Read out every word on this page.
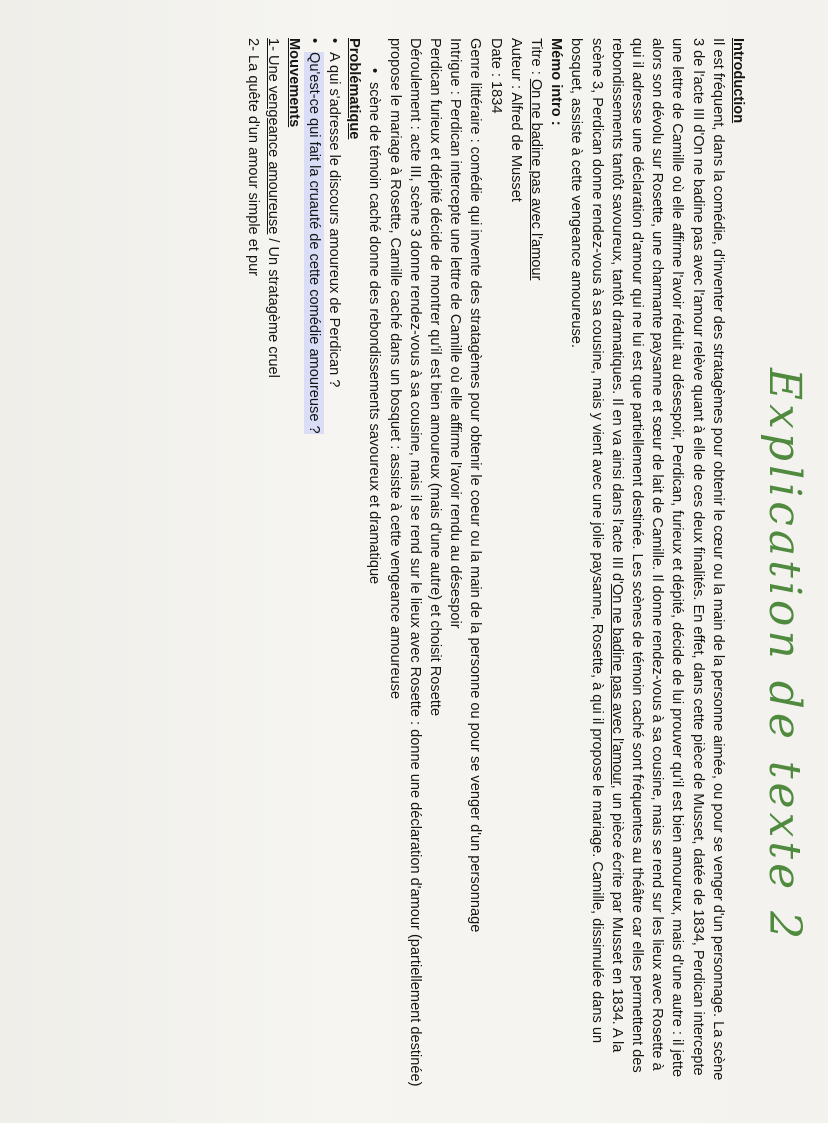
Explication de texte 2

Introduction

Il est fréquent, dans la comédie, d'inventer des stratagèmes pour obtenir le cœur ou la main de la personne aimée, ou pour se venger d'un personnage. La scène 3 de l'acte III d'On ne badine pas avec l'amour relève quant à elle de ces deux finalités. En effet, dans cette pièce de Musset, datée de 1834, Perdican intercepte une lettre de Camille où elle affirme l'avoir réduit au désespoir, Perdican, furieux et dépité, décide de lui prouver qu'il est bien amoureux, mais d'une autre : il jette alors son dévolu sur Rosette, une charmante paysanne et sœur de lait de Camille. Il donne rendez-vous à sa cousine, mais se rend sur les lieux avec Rosette à qui il adresse une déclaration d'amour qui ne lui est que partiellement destinée. Les scènes de témoin caché sont fréquentes au théâtre car elles permettent des rebondissements tantôt savoureux, tantôt dramatiques. Il en va ainsi dans l'acte III d'On ne badine pas avec l'amour, un pièce écrite par Musset en 1834. A la scène 3, Perdican donne rendez-vous à sa cousine, mais y vient avec une jolie paysanne, Rosette, à qui il propose le mariage. Camille, dissimulée dans un bosquet, assiste à cette vengeance amoureuse.

Mémo intro :

Titre : On ne badine pas avec l'amour

Auteur : Alfred de Musset

Date : 1834

Genre littéraire : comédie qui invente des stratagèmes pour obtenir le coeur ou la main de la personne ou pour se venger d'un personnage

Intrigue : Perdican intercepte une lettre de Camille où elle affirme l'avoir rendu au désespoir

Perdican furieux et dépité décide de montrer qu'il est bien amoureux (mais d'une autre) et choisit Rosette

Déroulement : acte III, scène 3 donne rendez-vous à sa cousine, mais il se rend sur le lieux avec Rosette : donne une déclaration d'amour (partiellement destinée)

propose le mariage à Rosette, Camille caché dans un bosquet : assiste à cette vengeance amoureuse

•
scène de témoin caché donne des rebondissements savoureux et dramatique

Problématique

•
A qui s'adresse le discours amoureux de Perdican ?
•
Qu'est-ce qui fait la cruauté de cette comédie amoureuse ?

Mouvements

1- Une vengeance amoureuse / Un stratagème cruel

2- La quête d'un amour simple et pur
